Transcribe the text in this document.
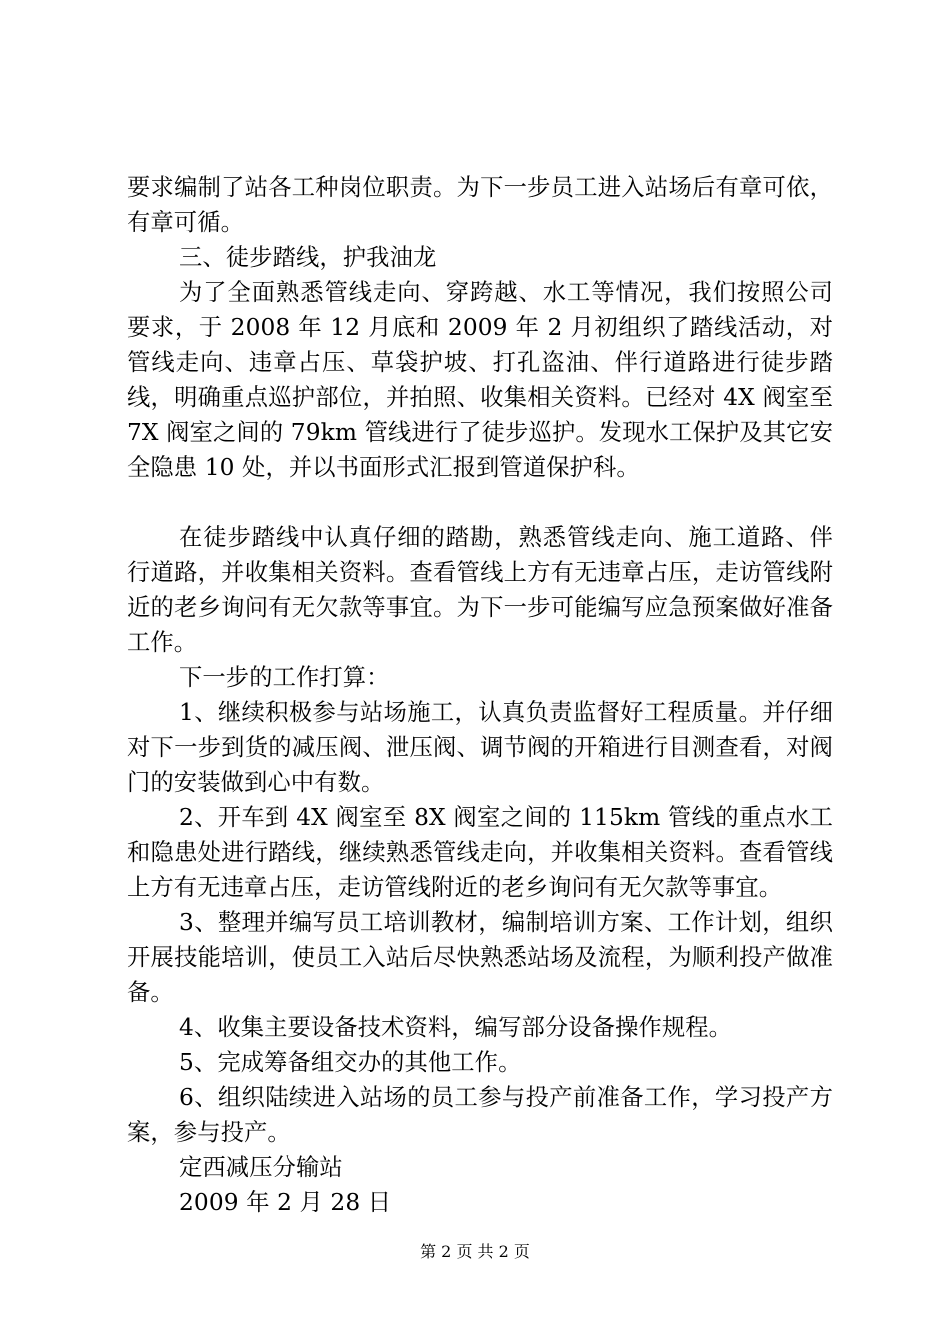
要求编制了站各工种岗位职责。为下一步员工进入站场后有章可依，有章可循。

三、徒步踏线，护我油龙

为了全面熟悉管线走向、穿跨越、水工等情况，我们按照公司要求，于 2008 年 12 月底和 2009 年 2 月初组织了踏线活动，对管线走向、违章占压、草袋护坡、打孔盗油、伴行道路进行徒步踏线，明确重点巡护部位，并拍照、收集相关资料。已经对 4X 阀室至 7X 阀室之间的 79km 管线进行了徒步巡护。发现水工保护及其它安全隐患 10 处，并以书面形式汇报到管道保护科。

在徒步踏线中认真仔细的踏勘，熟悉管线走向、施工道路、伴行道路，并收集相关资料。查看管线上方有无违章占压，走访管线附近的老乡询问有无欠款等事宜。为下一步可能编写应急预案做好准备工作。

下一步的工作打算：

1、继续积极参与站场施工，认真负责监督好工程质量。并仔细对下一步到货的减压阀、泄压阀、调节阀的开箱进行目测查看，对阀门的安装做到心中有数。

2、开车到 4X 阀室至 8X 阀室之间的 115km 管线的重点水工和隐患处进行踏线，继续熟悉管线走向，并收集相关资料。查看管线上方有无违章占压，走访管线附近的老乡询问有无欠款等事宜。

3、整理并编写员工培训教材，编制培训方案、工作计划，组织开展技能培训，使员工入站后尽快熟悉站场及流程，为顺利投产做准备。

4、收集主要设备技术资料，编写部分设备操作规程。

5、完成筹备组交办的其他工作。

6、组织陆续进入站场的员工参与投产前准备工作，学习投产方案，参与投产。

定西减压分输站

2009 年 2 月 28 日

第 2 页 共 2 页
